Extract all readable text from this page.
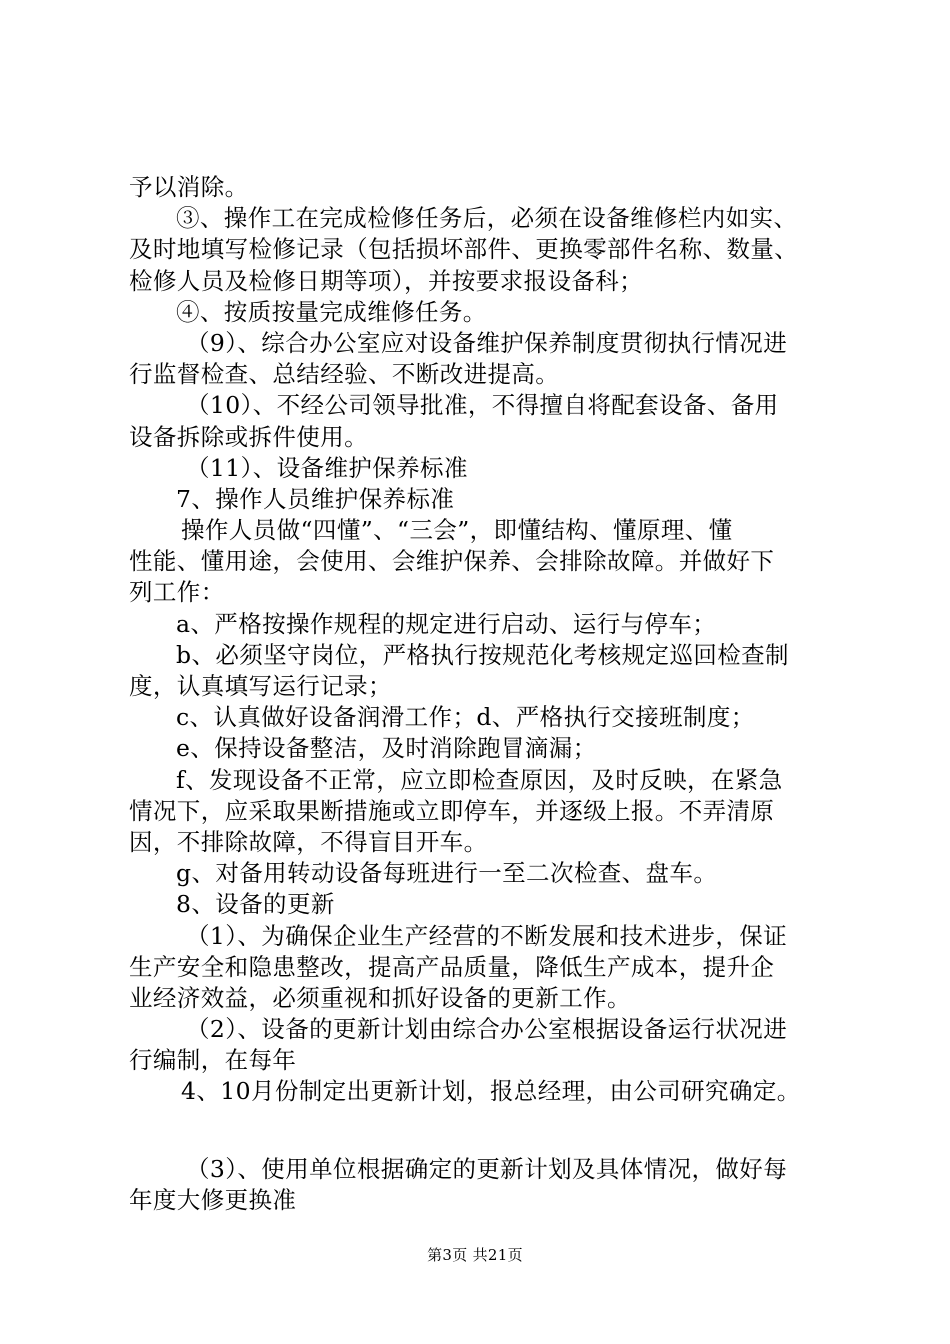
予以消除。
③、操作工在完成检修任务后，必须在设备维修栏内如实、
及时地填写检修记录（包括损坏部件、更换零部件名称、数量、
检修人员及检修日期等项），并按要求报设备科；
④、按质按量完成维修任务。
（9）、综合办公室应对设备维护保养制度贯彻执行情况进
行监督检查、总结经验、不断改进提高。
（10）、不经公司领导批准，不得擅自将配套设备、备用
设备拆除或拆件使用。
（11）、设备维护保养标准
7、操作人员维护保养标准
操作人员做“四懂”、“三会”，即懂结构、懂原理、懂
性能、懂用途，会使用、会维护保养、会排除故障。并做好下
列工作：
a、严格按操作规程的规定进行启动、运行与停车；
b、必须坚守岗位，严格执行按规范化考核规定巡回检查制
度，认真填写运行记录；
c、认真做好设备润滑工作；d、严格执行交接班制度；
e、保持设备整洁，及时消除跑冒滴漏；
f、发现设备不正常，应立即检查原因，及时反映，在紧急
情况下，应采取果断措施或立即停车，并逐级上报。不弄清原
因，不排除故障，不得盲目开车。
g、对备用转动设备每班进行一至二次检查、盘车。
8、设备的更新
（1）、为确保企业生产经营的不断发展和技术进步，保证
生产安全和隐患整改，提高产品质量，降低生产成本，提升企
业经济效益，必须重视和抓好设备的更新工作。
（2）、设备的更新计划由综合办公室根据设备运行状况进
行编制，在每年
4、10月份制定出更新计划，报总经理，由公司研究确定。
（3）、使用单位根据确定的更新计划及具体情况，做好每
年度大修更换准
第3页 共21页
